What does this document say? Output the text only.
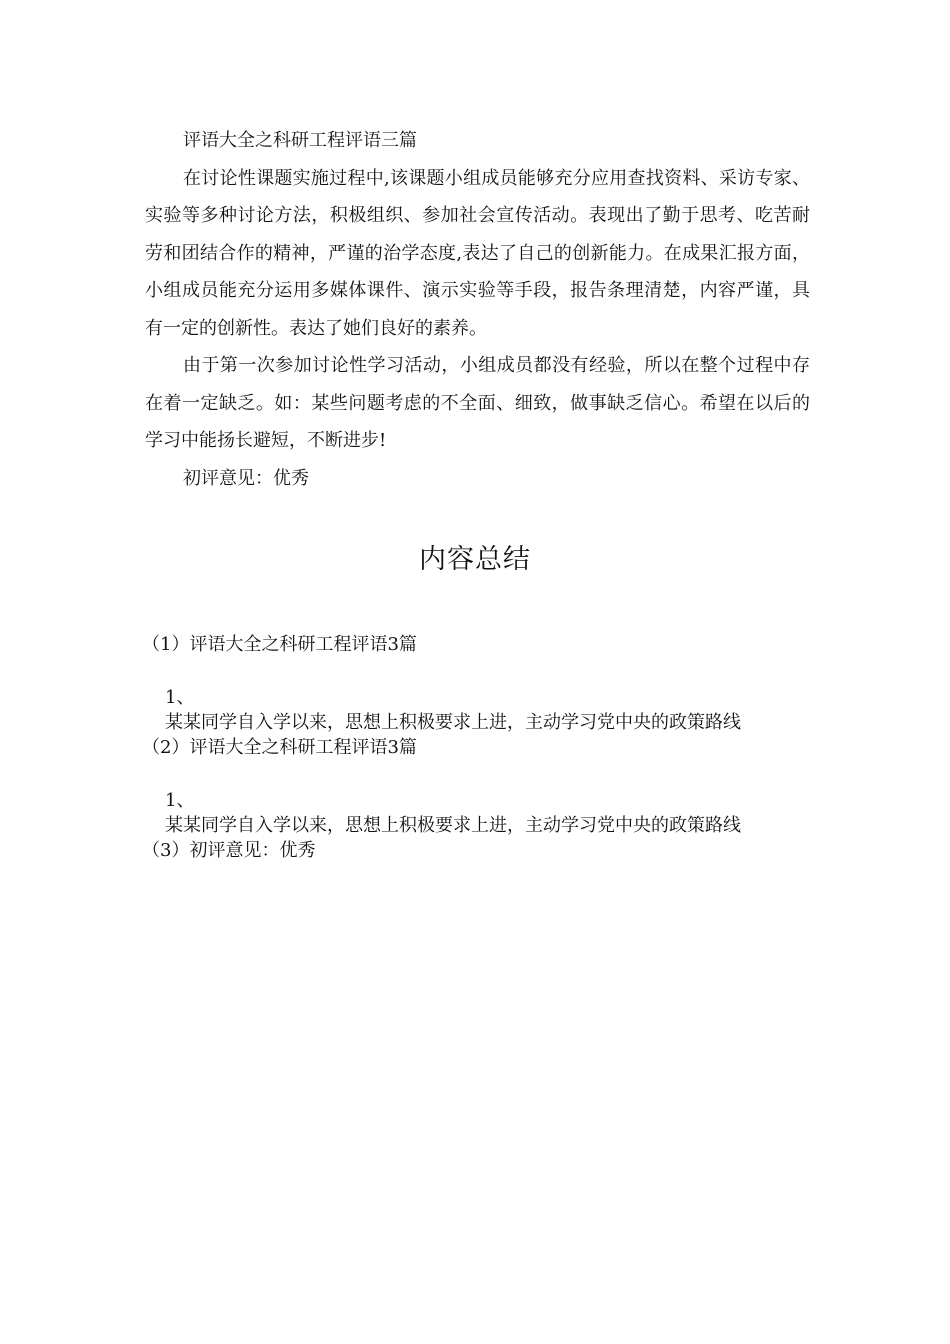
评语大全之科研工程评语三篇

在讨论性课题实施过程中,该课题小组成员能够充分应用查找资料、采访专家、实验等多种讨论方法，积极组织、参加社会宣传活动。表现出了勤于思考、吃苦耐劳和团结合作的精神，严谨的治学态度,表达了自己的创新能力。在成果汇报方面，小组成员能充分运用多媒体课件、演示实验等手段，报告条理清楚，内容严谨，具有一定的创新性。表达了她们良好的素养。

由于第一次参加讨论性学习活动，小组成员都没有经验，所以在整个过程中存在着一定缺乏。如：某些问题考虑的不全面、细致，做事缺乏信心。希望在以后的学习中能扬长避短，不断进步!

初评意见：优秀

内容总结

（1）评语大全之科研工程评语3篇

1、

某某同学自入学以来，思想上积极要求上进，主动学习党中央的政策路线

（2）评语大全之科研工程评语3篇

1、

某某同学自入学以来，思想上积极要求上进，主动学习党中央的政策路线

（3）初评意见：优秀
